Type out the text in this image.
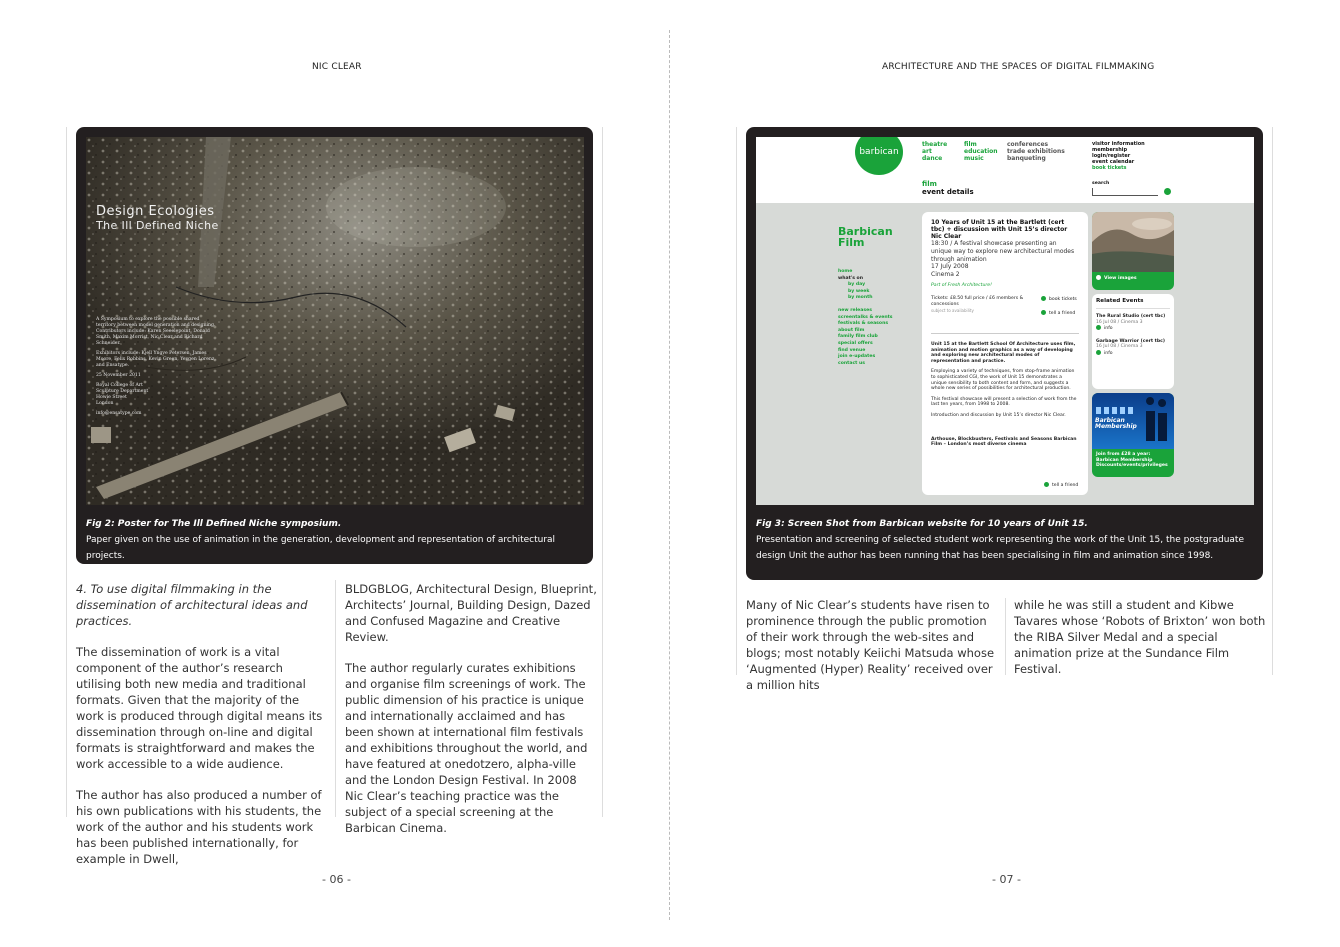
NIC CLEAR
Design Ecologies
The Ill Defined Niche
A Symposium to explore the possible shared territory between model generation and designing. Contributors include: Karen Seeelepoint, Donald Smith, Maxim Morrist, Nic Clear and Richard Schneider.
Exhibitors include: Kjell Yngve Petersen, James Moore, Felix Robbins, Kevin Green, Yevgen Lorenz, and Ensatype.
25 November 2011
Royal College of Art
Sculpture Department
Howie Street
London
info@ensatype.com
Fig 2: Poster for The Ill Defined Niche symposium.
Paper given on the use of animation in the generation, development and representation of architectural projects.

4. To use digital filmmaking in the dissemination of architectural ideas and practices.

The dissemination of work is a vital component of the author’s research utilising both new media and traditional formats. Given that the majority of the work is produced through digital means its dissemination through on-line and digital formats is straightforward and makes the work accessible to a wide audience.

The author has also produced a number of his own publications with his students, the work of the author and his students work has been published internationally, for example in Dwell,

BLDGBLOG, Architectural Design, Blueprint, Architects’ Journal, Building Design, Dazed and Confused Magazine and Creative Review.

The author regularly curates exhibitions and organise film screenings of work. The public dimension of his practice is unique and internationally acclaimed and has been shown at international film festivals and exhibitions throughout the world, and have featured at onedotzero, alpha-ville and the London Design Festival. In 2008 Nic Clear’s teaching practice was the subject of a special screening at the Barbican Cinema.

- 06 -
ARCHITECTURE AND THE SPACES OF DIGITAL FILMMAKING
Fig 3: Screen Shot from Barbican website for 10 years of Unit 15.
Presentation and screening of selected student work representing the work of the Unit 15, the postgraduate design Unit the author has been running that has been specialising in film and animation since 1998.
barbican
theatre
art
dance
film
education
music
conferences
trade exhibitions
banqueting
visitor information
membership
login/register
event calendar
book tickets
search
film
event details
Barbican Film
home
what's on
by day
by week
by month
new releases
screentalks & events
festivals & seasons
about film
family film club
special offers
find venue
join e-updates
contact us
10 Years of Unit 15 at the Bartlett (cert tbc) + discussion with Unit 15’s director Nic Clear
18:30 / A festival showcase presenting an unique way to explore new architectural modes through animation
17 July 2008
Cinema 2
Part of Fresh Architecture!
Tickets: £8.50 full price / £6 members & concessions
subject to availability
book tickets
tell a friend
Unit 15 at the Bartlett School Of Architecture uses film, animation and motion graphics as a way of developing and exploring new architectural modes of representation and practice.
Employing a variety of techniques, from stop-frame animation to sophisticated CGI, the work of Unit 15 demonstrates a unique sensibility to both content and form, and suggests a whole new series of possibilities for architectural production.
This festival showcase will present a selection of work from the last ten years, from 1998 to 2008.
Introduction and discussion by Unit 15’s director Nic Clear.
Arthouse, Blockbusters, Festivals and Seasons Barbican Film – London’s most diverse cinema
tell a friend
View images
Related Events
The Rural Studio (cert tbc)
16 Jul 08 / Cinema 3
info
Garbage Warrior (cert tbc)
16 Jul 08 / Cinema 3
info
Barbican Membership
Join from £28 a year: Barbican Membership Discounts/events/privileges

Many of Nic Clear’s students have risen to prominence through the public promotion of their work through the web-sites and blogs; most notably Keiichi Matsuda whose ‘Augmented (Hyper) Reality’ received over a million hits

while he was still a student and Kibwe Tavares whose ‘Robots of Brixton’ won both the RIBA Silver Medal and a special animation prize at the Sundance Film Festival.

- 07 -
